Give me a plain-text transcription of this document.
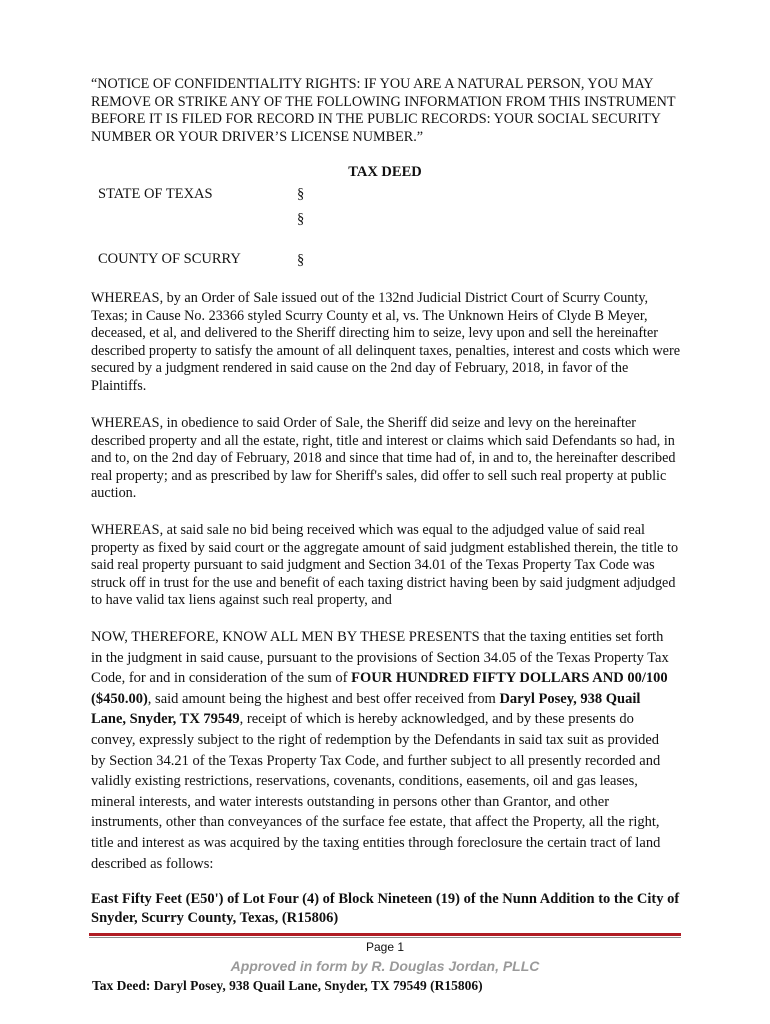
“NOTICE OF CONFIDENTIALITY RIGHTS: IF YOU ARE A NATURAL PERSON, YOU MAY REMOVE OR STRIKE ANY OF THE FOLLOWING INFORMATION FROM THIS INSTRUMENT BEFORE IT IS FILED FOR RECORD IN THE PUBLIC RECORDS: YOUR SOCIAL SECURITY NUMBER OR YOUR DRIVER’S LICENSE NUMBER.”
TAX DEED
STATE OF TEXAS	§
§
COUNTY OF SCURRY	§
WHEREAS, by an Order of Sale issued out of the 132nd Judicial District Court of Scurry County, Texas; in Cause No. 23366 styled Scurry County et al, vs. The Unknown Heirs of Clyde B Meyer, deceased, et al, and delivered to the Sheriff directing him to seize, levy upon and sell the hereinafter described property to satisfy the amount of all delinquent taxes, penalties, interest and costs which were secured by a judgment rendered in said cause on the 2nd day of February, 2018, in favor of the Plaintiffs.
WHEREAS, in obedience to said Order of Sale, the Sheriff did seize and levy on the hereinafter described property and all the estate, right, title and interest or claims which said Defendants so had, in and to, on the 2nd day of February, 2018 and since that time had of, in and to, the hereinafter described real property; and as prescribed by law for Sheriff's sales, did offer to sell such real property at public auction.
WHEREAS, at said sale no bid being received which was equal to the adjudged value of said real property as fixed by said court or the aggregate amount of said judgment established therein, the title to said real property pursuant to said judgment and Section 34.01 of the Texas Property Tax Code was struck off in trust for the use and benefit of each taxing district having been by said judgment adjudged to have valid tax liens against such real property, and
NOW, THEREFORE, KNOW ALL MEN BY THESE PRESENTS that the taxing entities set forth in the judgment in said cause, pursuant to the provisions of Section 34.05 of the Texas Property Tax Code, for and in consideration of the sum of FOUR HUNDRED FIFTY DOLLARS AND 00/100 ($450.00), said amount being the highest and best offer received from Daryl Posey, 938 Quail Lane, Snyder, TX 79549, receipt of which is hereby acknowledged, and by these presents do convey, expressly subject to the right of redemption by the Defendants in said tax suit as provided by Section 34.21 of the Texas Property Tax Code, and further subject to all presently recorded and validly existing restrictions, reservations, covenants, conditions, easements, oil and gas leases, mineral interests, and water interests outstanding in persons other than Grantor, and other instruments, other than conveyances of the surface fee estate, that affect the Property, all the right, title and interest as was acquired by the taxing entities through foreclosure the certain tract of land described as follows:
East Fifty Feet (E50') of Lot Four (4) of Block Nineteen (19) of the Nunn Addition to the City of Snyder, Scurry County, Texas, (R15806)
Page 1
Approved in form by R. Douglas Jordan, PLLC
Tax Deed: Daryl Posey, 938 Quail Lane, Snyder, TX 79549 (R15806)
